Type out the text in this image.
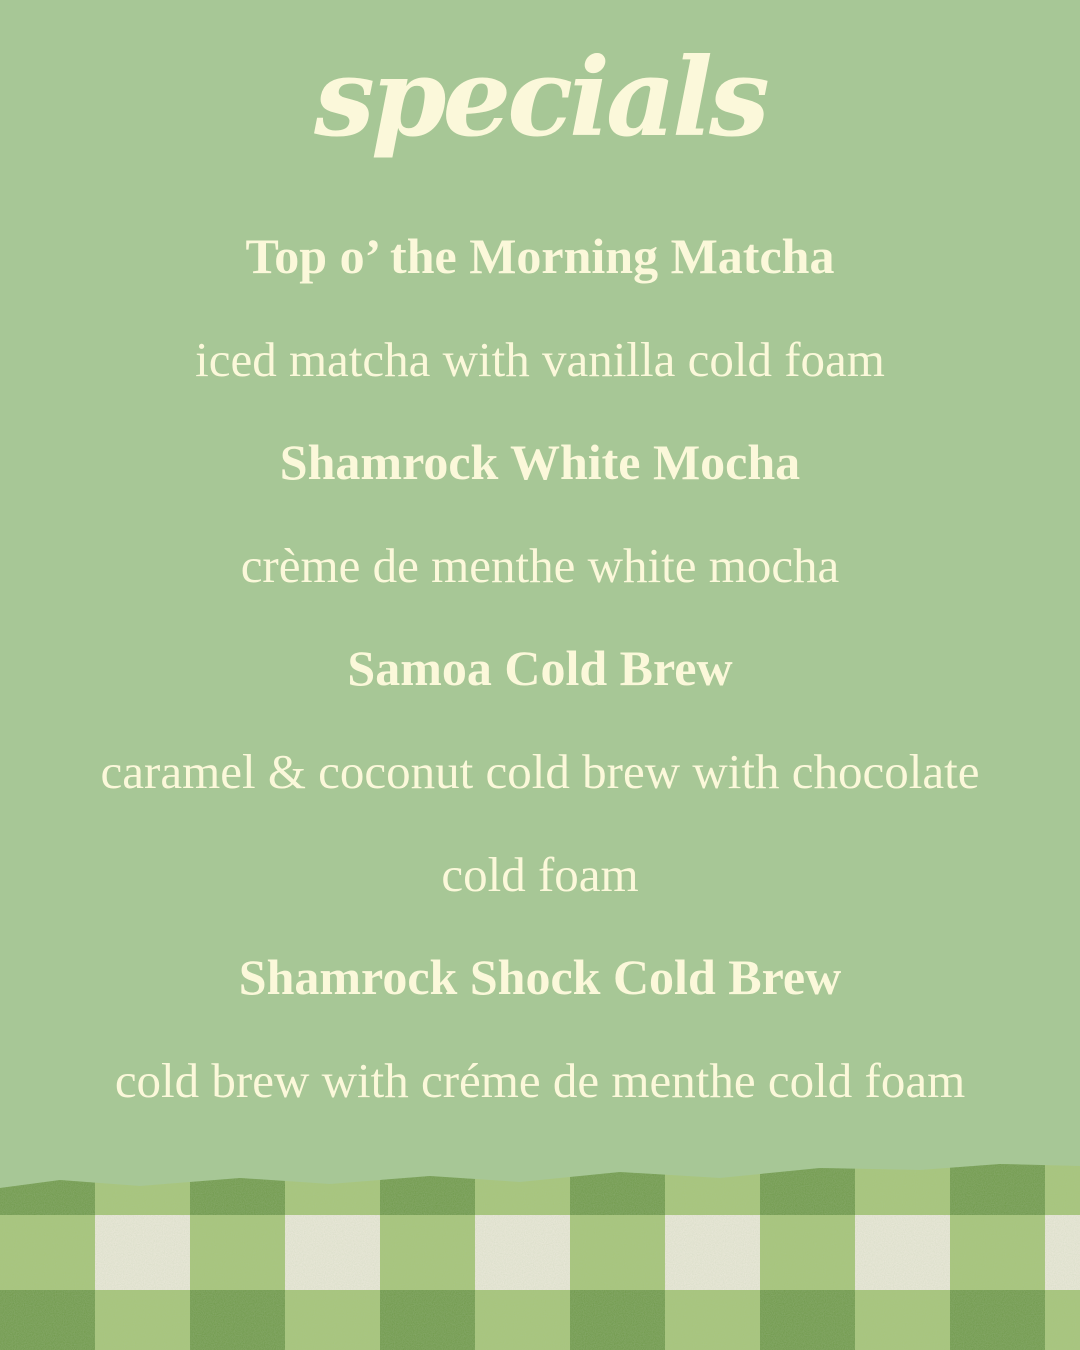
specials
Top o’ the Morning Matcha
iced matcha with vanilla cold foam
Shamrock White Mocha
crème de menthe white mocha
Samoa Cold Brew
caramel & coconut cold brew with chocolate
cold foam
Shamrock Shock Cold Brew
cold brew with créme de menthe cold foam
